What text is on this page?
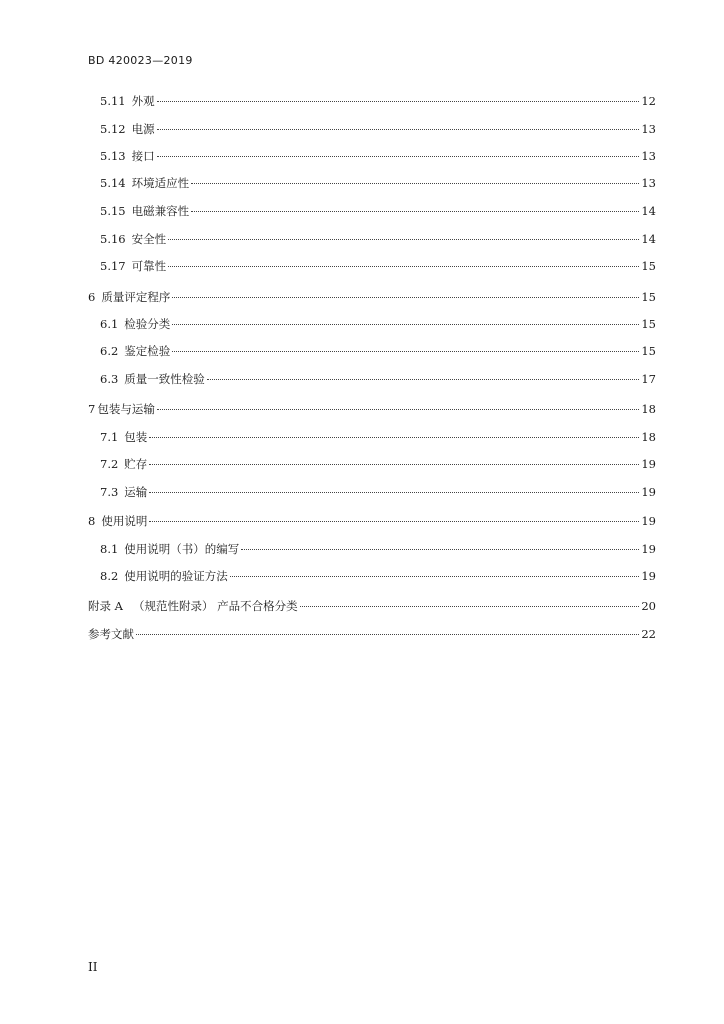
BD 420023—2019
5.11 外观	12
5.12 电源	13
5.13 接口	13
5.14 环境适应性	13
5.15 电磁兼容性	14
5.16 安全性	14
5.17 可靠性	15
6 质量评定程序	15
6.1 检验分类	15
6.2 鉴定检验	15
6.3 质量一致性检验	17
7 包装与运输	18
7.1 包装	18
7.2 贮存	19
7.3 运输	19
8 使用说明	19
8.1 使用说明（书）的编写	19
8.2 使用说明的验证方法	19
附录 A （规范性附录） 产品不合格分类	20
参考文献	22
II
